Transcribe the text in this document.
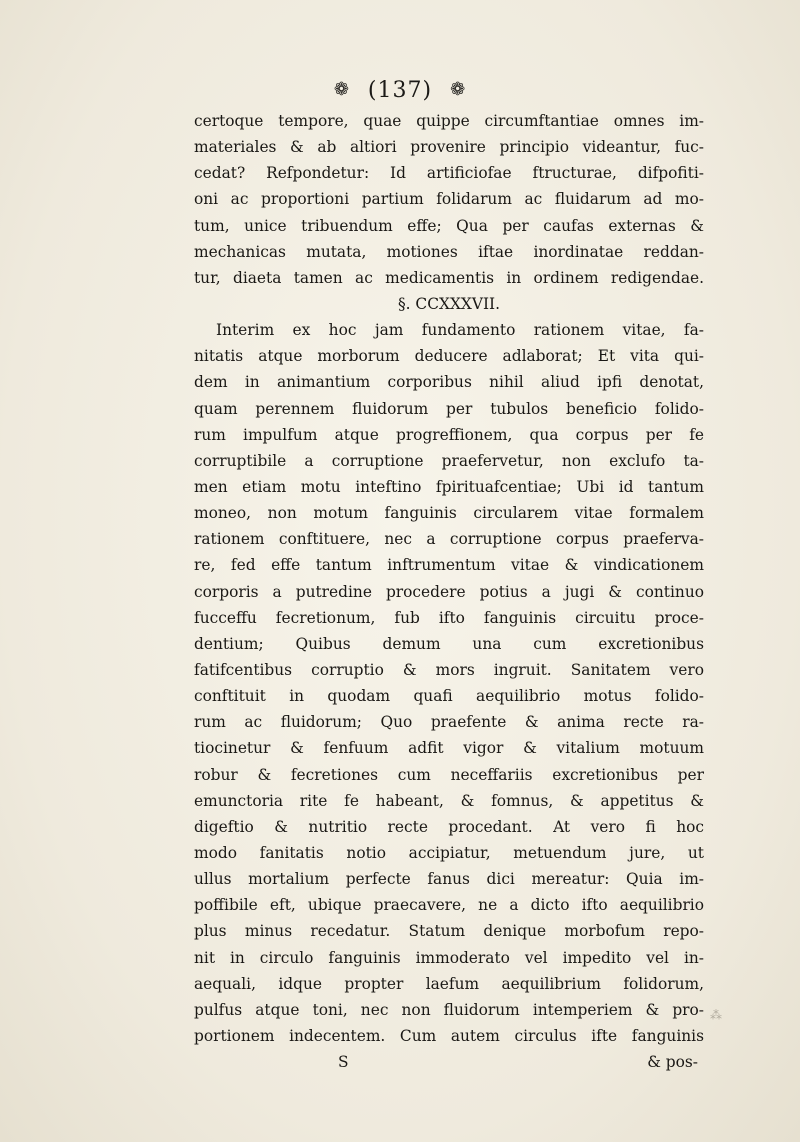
❁ (137) ❁
certoque tempore, quae quippe circumftantiae omnes im-
materiales & ab altiori provenire principio videantur, fuc-
cedat? Refpondetur: Id artificiofae ftructurae, difpofiti-
oni ac proportioni partium folidarum ac fluidarum ad mo-
tum, unice tribuendum effe; Qua per caufas externas &
mechanicas mutata, motiones iftae inordinatae reddan-
tur, diaeta tamen ac medicamentis in ordinem redigendae.
§. CCXXXVII.
Interim ex hoc jam fundamento rationem vitae, fa-
nitatis atque morborum deducere adlaborat; Et vita qui-
dem in animantium corporibus nihil aliud ipfi denotat,
quam perennem fluidorum per tubulos beneficio folido-
rum impulfum atque progreffionem, qua corpus per fe
corruptibile a corruptione praefervetur, non exclufo ta-
men etiam motu inteftino fpirituafcentiae; Ubi id tantum
moneo, non motum fanguinis circularem vitae formalem
rationem conftituere, nec a corruptione corpus praeferva-
re, fed effe tantum inftrumentum vitae & vindicationem
corporis a putredine procedere potius a jugi & continuo
fucceffu fecretionum, fub ifto fanguinis circuitu proce-
dentium; Quibus demum una cum excretionibus
fatifcentibus corruptio & mors ingruit. Sanitatem vero
conftituit in quodam quafi aequilibrio motus folido-
rum ac fluidorum; Quo praefente & anima recte ra-
tiocinetur & fenfuum adfit vigor & vitalium motuum
robur & fecretiones cum neceffariis excretionibus per
emunctoria rite fe habeant, & fomnus, & appetitus &
digeftio & nutritio recte procedant. At vero fi hoc
modo fanitatis notio accipiatur, metuendum jure, ut
ullus mortalium perfecte fanus dici mereatur: Quia im-
poffibile eft, ubique praecavere, ne a dicto ifto aequilibrio
plus minus recedatur. Statum denique morbofum repo-
nit in circulo fanguinis immoderato vel impedito vel in-
aequali, idque propter laefum aequilibrium folidorum,
pulfus atque toni, nec non fluidorum intemperiem & pro-
portionem indecentem. Cum autem circulus ifte fanguinis
S	& pos-
⁂
